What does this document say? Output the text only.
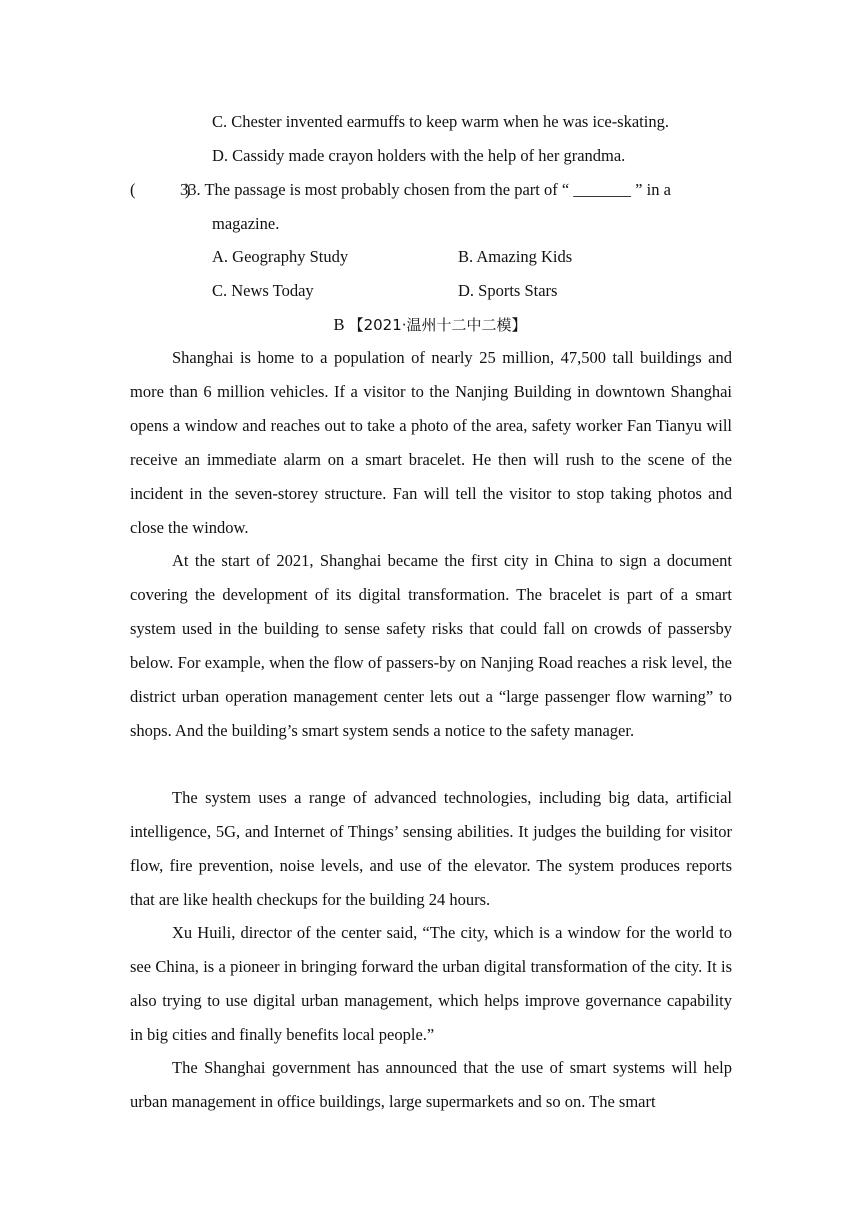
C. Chester invented earmuffs to keep warm when he was ice-skating.
D. Cassidy made crayon holders with the help of her grandma.
(　　　)
33. The passage is most probably chosen from the part of “ _______ ” in a
magazine.
A. Geography Study	B. Amazing Kids
C. News Today	D. Sports Stars
B 【2021·温州十二中二模】

Shanghai is home to a population of nearly 25 million, 47,500 tall buildings and more than 6 million vehicles. If a visitor to the Nanjing Building in downtown Shanghai opens a window and reaches out to take a photo of the area, safety worker Fan Tianyu will receive an immediate alarm on a smart bracelet. He then will rush to the scene of the incident in the seven-storey structure. Fan will tell the visitor to stop taking photos and close the window.

At the start of 2021, Shanghai became the first city in China to sign a document covering the development of its digital transformation. The bracelet is part of a smart system used in the building to sense safety risks that could fall on crowds of passersby below. For example, when the flow of passers-by on Nanjing Road reaches a risk level, the district urban operation management center lets out a “large passenger flow warning” to shops. And the building’s smart system sends a notice to the safety manager.

The system uses a range of advanced technologies, including big data, artificial intelligence, 5G, and Internet of Things’ sensing abilities. It judges the building for visitor flow, fire prevention, noise levels, and use of the elevator. The system produces reports that are like health checkups for the building 24 hours.

Xu Huili, director of the center said, “The city, which is a window for the world to see China, is a pioneer in bringing forward the urban digital transformation of the city. It is also trying to use digital urban management, which helps improve governance capability in big cities and finally benefits local people.”

The Shanghai government has announced that the use of smart systems will help urban management in office buildings, large supermarkets and so on. The smart
